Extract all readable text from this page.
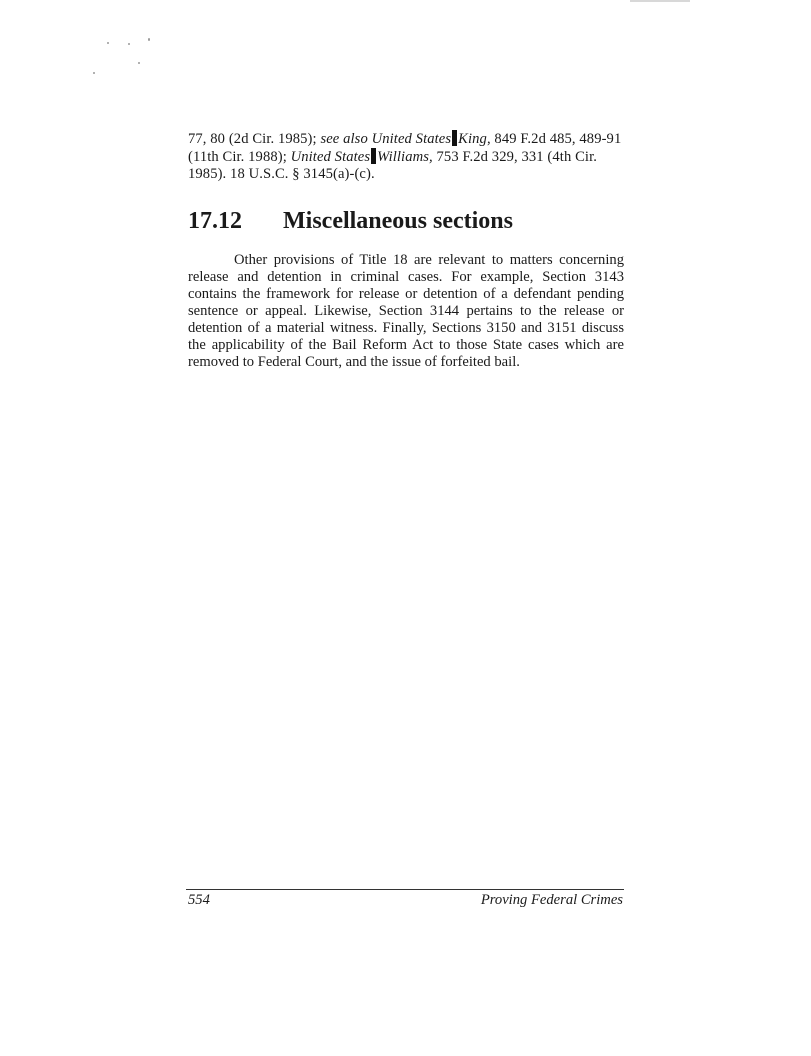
77, 80 (2d Cir. 1985); see also United States King, 849 F.2d 485, 489-91
(11th Cir. 1988); United States Williams, 753 F.2d 329, 331 (4th Cir.
1985). 18 U.S.C. § 3145(a)-(c).
17.12 Miscellaneous sections
Other provisions of Title 18 are relevant to matters concerning
release and detention in criminal cases. For example, Section 3143
contains the framework for release or detention of a defendant pending
sentence or appeal. Likewise, Section 3144 pertains to the release or
detention of a material witness. Finally, Sections 3150 and 3151 discuss
the applicability of the Bail Reform Act to those State cases which are
removed to Federal Court, and the issue of forfeited bail.
554	Proving Federal Crimes
